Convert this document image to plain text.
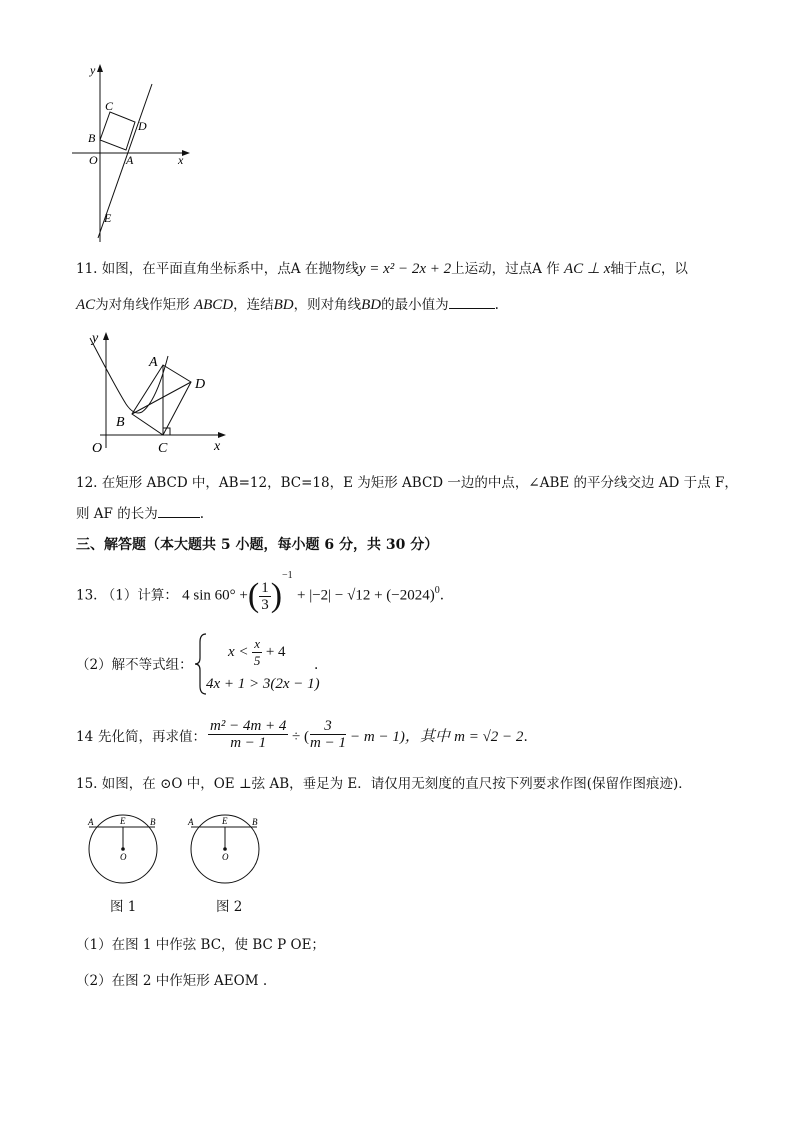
y
x
O A
B
C
D
E
11. 如图，在平面直角坐标系中，点A 在抛物线y = x² − 2x + 2上运动，过点A 作 AC ⊥ x轴于点C，以
AC为对角线作矩形 ABCD，连结BD，则对角线BD的最小值为	.
y
x
O
A
B
C
D
12. 在矩形 ABCD 中，AB=12，BC=18，E 为矩形 ABCD 一边的中点，∠ABE 的平分线交边 AD 于点 F，
则 AF 的长为	.
三、解答题（本大题共 5 小题，每小题 6 分，共 30 分）
13. （1）计算： 4 sin 60° +( $\frac{1}{3} )^{-1} + |-2| - √12 + (-2024)^0$.
（2）解不等式组：
$x < \frac{x}{5} + 4$
4x + 1 > 3(2x − 1)
.
14 先化简，再求值： $\frac{\text{m² − 4m + 4}}{m - 1}$ ÷ ( $\frac{3}{m - 1} - m - 1$)，其中 m = √2 − 2.
15. 如图，在 ⊙O 中，OE ⊥弦 AB，垂足为 E．请仅用无刻度的直尺按下列要求作图(保留作图痕迹)．
A	E	B
O
A	E	B
O
图 1	图 2
（1）在图 1 中作弦 BC，使 BC P OE；
（2）在图 2 中作矩形 AEOM .
